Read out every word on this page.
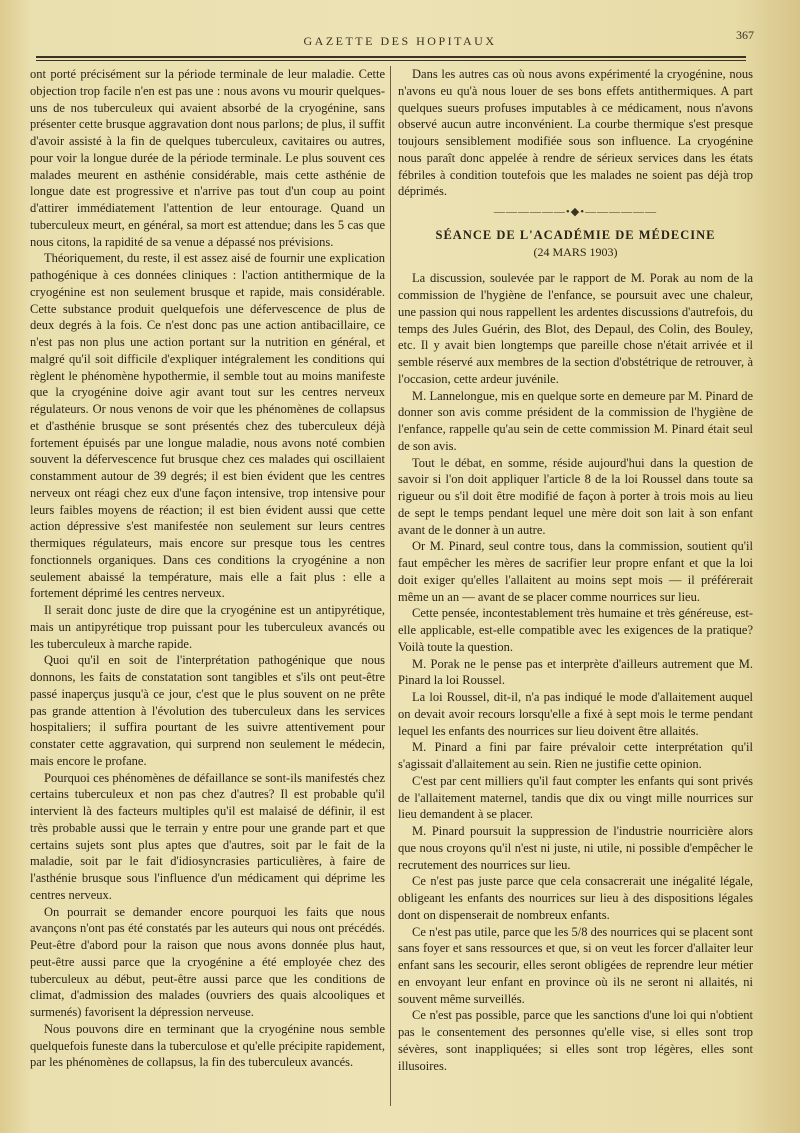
GAZETTE DES HOPITAUX	367

ont porté précisément sur la période terminale de leur maladie. Cette objection trop facile n'en est pas une : nous avons vu mourir quelques-uns de nos tuberculeux qui avaient absorbé de la cryogénine, sans présenter cette brusque aggravation dont nous parlons; de plus, il suffit d'avoir assisté à la fin de quelques tuberculeux, cavitaires ou autres, pour voir la longue durée de la période terminale. Le plus souvent ces malades meurent en asthénie considérable, mais cette asthénie de longue date est progressive et n'arrive pas tout d'un coup au point d'attirer immédiatement l'attention de leur entourage. Quand un tuberculeux meurt, en général, sa mort est attendue; dans les 5 cas que nous citons, la rapidité de sa venue a dépassé nos prévisions.

Théoriquement, du reste, il est assez aisé de fournir une explication pathogénique à ces données cliniques : l'action antithermique de la cryogénine est non seulement brusque et rapide, mais considérable. Cette substance produit quelquefois une défervescence de plus de deux degrés à la fois. Ce n'est donc pas une action antibacillaire, ce n'est pas non plus une action portant sur la nutrition en général, et malgré qu'il soit difficile d'expliquer intégralement les conditions qui règlent le phénomène hypothermie, il semble tout au moins manifeste que la cryogénine doive agir avant tout sur les centres nerveux régulateurs. Or nous venons de voir que les phénomènes de collapsus et d'asthénie brusque se sont présentés chez des tuberculeux déjà fortement épuisés par une longue maladie, nous avons noté combien souvent la défervescence fut brusque chez ces malades qui oscillaient constamment autour de 39 degrés; il est bien évident que les centres nerveux ont réagi chez eux d'une façon intensive, trop intensive pour leurs faibles moyens de réaction; il est bien évident aussi que cette action dépressive s'est manifestée non seulement sur leurs centres thermiques régulateurs, mais encore sur presque tous les centres fonctionnels organiques. Dans ces conditions la cryogénine a non seulement abaissé la température, mais elle a fait plus : elle a fortement déprimé les centres nerveux.

Il serait donc juste de dire que la cryogénine est un antipyrétique, mais un antipyrétique trop puissant pour les tuberculeux avancés ou les tuberculeux à marche rapide.

Quoi qu'il en soit de l'interprétation pathogénique que nous donnons, les faits de constatation sont tangibles et s'ils ont peut-être passé inaperçus jusqu'à ce jour, c'est que le plus souvent on ne prête pas grande attention à l'évolution des tuberculeux dans les services hospitaliers; il suffira pourtant de les suivre attentivement pour constater cette aggravation, qui surprend non seulement le médecin, mais encore le profane.

Pourquoi ces phénomènes de défaillance se sont-ils manifestés chez certains tuberculeux et non pas chez d'autres? Il est probable qu'il intervient là des facteurs multiples qu'il est malaisé de définir, il est très probable aussi que le terrain y entre pour une grande part et que certains sujets sont plus aptes que d'autres, soit par le fait de la maladie, soit par le fait d'idiosyncrasies particulières, à faire de l'asthénie brusque sous l'influence d'un médicament qui déprime les centres nerveux.

On pourrait se demander encore pourquoi les faits que nous avançons n'ont pas été constatés par les auteurs qui nous ont précédés. Peut-être d'abord pour la raison que nous avons donnée plus haut, peut-être aussi parce que la cryogénine a été employée chez des tuberculeux au début, peut-être aussi parce que les conditions de climat, d'admission des malades (ouvriers des quais alcooliques et surmenés) favorisent la dépression nerveuse.

Nous pouvons dire en terminant que la cryogénine nous semble quelquefois funeste dans la tuberculose et qu'elle précipite rapidement, par les phénomènes de collapsus, la fin des tuberculeux avancés.

Dans les autres cas où nous avons expérimenté la cryogénine, nous n'avons eu qu'à nous louer de ses bons effets antithermiques. A part quelques sueurs profuses imputables à ce médicament, nous n'avons observé aucun autre inconvénient. La courbe thermique s'est presque toujours sensiblement modifiée sous son influence. La cryogénine nous paraît donc appelée à rendre de sérieux services dans les états fébriles à condition toutefois que les malades ne soient pas déjà trop déprimés.

——————•◆•——————
SÉANCE DE L'ACADÉMIE DE MÉDECINE
(24 MARS 1903)

La discussion, soulevée par le rapport de M. Porak au nom de la commission de l'hygiène de l'enfance, se poursuit avec une chaleur, une passion qui nous rappellent les ardentes discussions d'autrefois, du temps des Jules Guérin, des Blot, des Depaul, des Colin, des Bouley, etc. Il y avait bien longtemps que pareille chose n'était arrivée et il semble réservé aux membres de la section d'obstétrique de retrouver, à l'occasion, cette ardeur juvénile.

M. Lannelongue, mis en quelque sorte en demeure par M. Pinard de donner son avis comme président de la commission de l'hygiène de l'enfance, rappelle qu'au sein de cette commission M. Pinard était seul de son avis.

Tout le débat, en somme, réside aujourd'hui dans la question de savoir si l'on doit appliquer l'article 8 de la loi Roussel dans toute sa rigueur ou s'il doit être modifié de façon à porter à trois mois au lieu de sept le temps pendant lequel une mère doit son lait à son enfant avant de le donner à un autre.

Or M. Pinard, seul contre tous, dans la commission, soutient qu'il faut empêcher les mères de sacrifier leur propre enfant et que la loi doit exiger qu'elles l'allaitent au moins sept mois — il préférerait même un an — avant de se placer comme nourrices sur lieu.

Cette pensée, incontestablement très humaine et très généreuse, est-elle applicable, est-elle compatible avec les exigences de la pratique? Voilà toute la question.

M. Porak ne le pense pas et interprète d'ailleurs autrement que M. Pinard la loi Roussel.

La loi Roussel, dit-il, n'a pas indiqué le mode d'allaitement auquel on devait avoir recours lorsqu'elle a fixé à sept mois le terme pendant lequel les enfants des nourrices sur lieu doivent être allaités.

M. Pinard a fini par faire prévaloir cette interprétation qu'il s'agissait d'allaitement au sein. Rien ne justifie cette opinion.

C'est par cent milliers qu'il faut compter les enfants qui sont privés de l'allaitement maternel, tandis que dix ou vingt mille nourrices sur lieu demandent à se placer.

M. Pinard poursuit la suppression de l'industrie nourricière alors que nous croyons qu'il n'est ni juste, ni utile, ni possible d'empêcher le recrutement des nourrices sur lieu.

Ce n'est pas juste parce que cela consacrerait une inégalité légale, obligeant les enfants des nourrices sur lieu à des dispositions légales dont on dispenserait de nombreux enfants.

Ce n'est pas utile, parce que les 5/8 des nourrices qui se placent sont sans foyer et sans ressources et que, si on veut les forcer d'allaiter leur enfant sans les secourir, elles seront obligées de reprendre leur métier en envoyant leur enfant en province où ils ne seront ni allaités, ni souvent même surveillés.

Ce n'est pas possible, parce que les sanctions d'une loi qui n'obtient pas le consentement des personnes qu'elle vise, si elles sont trop sévères, sont inappliquées; si elles sont trop légères, elles sont illusoires.
